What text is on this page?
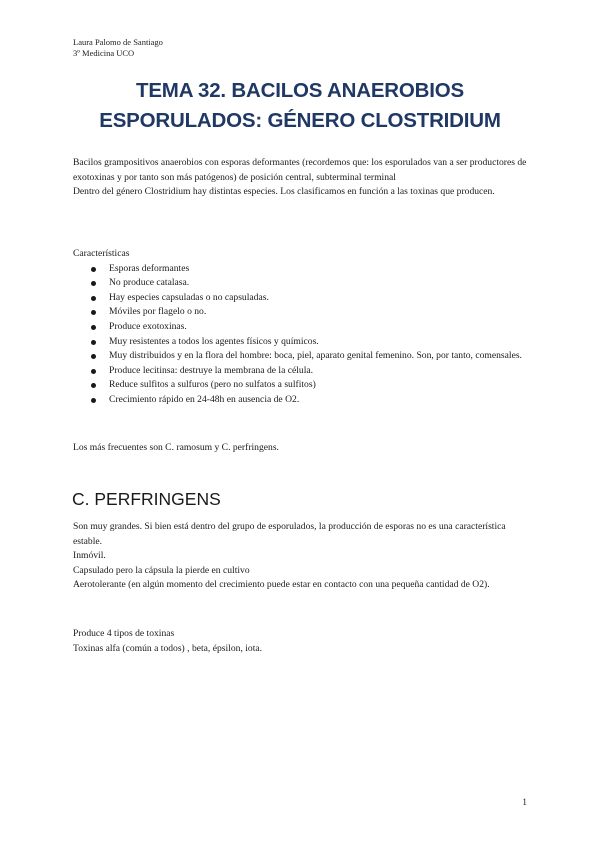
Laura Palomo de Santiago
3º Medicina UCO
TEMA 32. BACILOS ANAEROBIOS
ESPORULADOS: GÉNERO CLOSTRIDIUM

Bacilos grampositivos anaerobios con esporas deformantes (recordemos que: los esporulados van a ser productores de exotoxinas y por tanto son más patógenos) de posición central, subterminal terminal

Dentro del género Clostridium hay distintas especies. Los clasificamos en función a las toxinas que producen.

Características

Esporas deformantes
No produce catalasa.
Hay especies capsuladas o no capsuladas.
Móviles por flagelo o no.
Produce exotoxinas.
Muy resistentes a todos los agentes físicos y químicos.
Muy distribuidos y en la flora del hombre: boca, piel, aparato genital femenino. Son, por tanto, comensales.
Produce lecitinsa: destruye la membrana de la célula.
Reduce sulfitos a sulfuros (pero no sulfatos a sulfitos)
Crecimiento rápido en 24-48h en ausencia de O2.

Los más frecuentes son C. ramosum y C. perfringens.

C. PERFRINGENS

Son muy grandes. Si bien está dentro del grupo de esporulados, la producción de esporas no es una característica estable.

Inmóvil.

Capsulado pero la cápsula la pierde en cultivo

Aerotolerante (en algún momento del crecimiento puede estar en contacto con una pequeña cantidad de O2).

Produce 4 tipos de toxinas

Toxinas alfa (común a todos) , beta, épsilon, iota.

1
